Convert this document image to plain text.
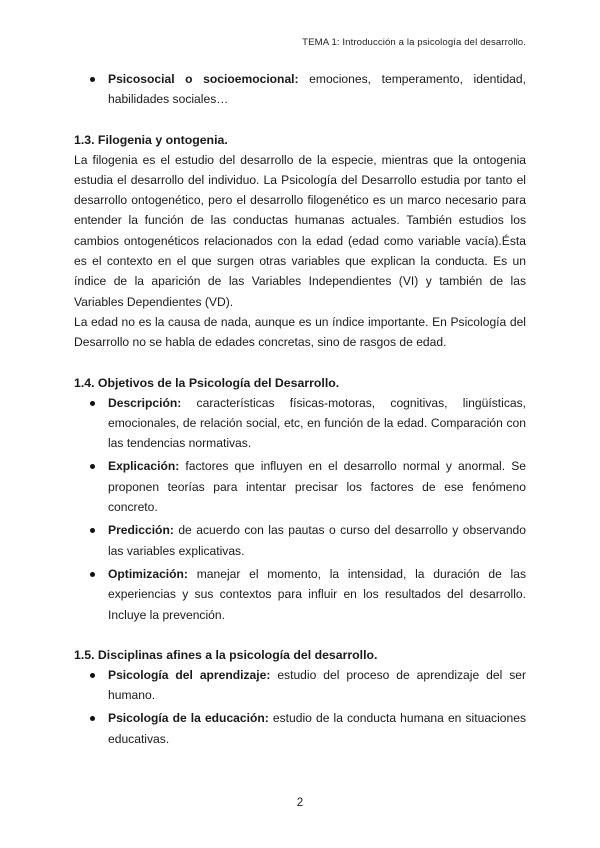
TEMA 1: Introducción a la psicología del desarrollo.
Psicosocial o socioemocional: emociones, temperamento, identidad, habilidades sociales…
1.3. Filogenia y ontogenia.

La filogenia es el estudio del desarrollo de la especie, mientras que la ontogenia estudia el desarrollo del individuo. La Psicología del Desarrollo estudia por tanto el desarrollo ontogenético, pero el desarrollo filogenético es un marco necesario para entender la función de las conductas humanas actuales. También estudios los cambios ontogenéticos relacionados con la edad (edad como variable vacía).Ésta es el contexto en el que surgen otras variables que explican la conducta. Es un índice de la aparición de las Variables Independientes (VI) y también de las Variables Dependientes (VD).

La edad no es la causa de nada, aunque es un índice importante. En Psicología del Desarrollo no se habla de edades concretas, sino de rasgos de edad.

1.4. Objetivos de la Psicología del Desarrollo.
Descripción: características físicas-motoras, cognitivas, lingüísticas, emocionales, de relación social, etc, en función de la edad. Comparación con las tendencias normativas.
Explicación: factores que influyen en el desarrollo normal y anormal. Se proponen teorías para intentar precisar los factores de ese fenómeno concreto.
Predicción: de acuerdo con las pautas o curso del desarrollo y observando las variables explicativas.
Optimización: manejar el momento, la intensidad, la duración de las experiencias y sus contextos para influir en los resultados del desarrollo. Incluye la prevención.
1.5. Disciplinas afines a la psicología del desarrollo.
Psicología del aprendizaje: estudio del proceso de aprendizaje del ser humano.
Psicología de la educación: estudio de la conducta humana en situaciones educativas.
2
